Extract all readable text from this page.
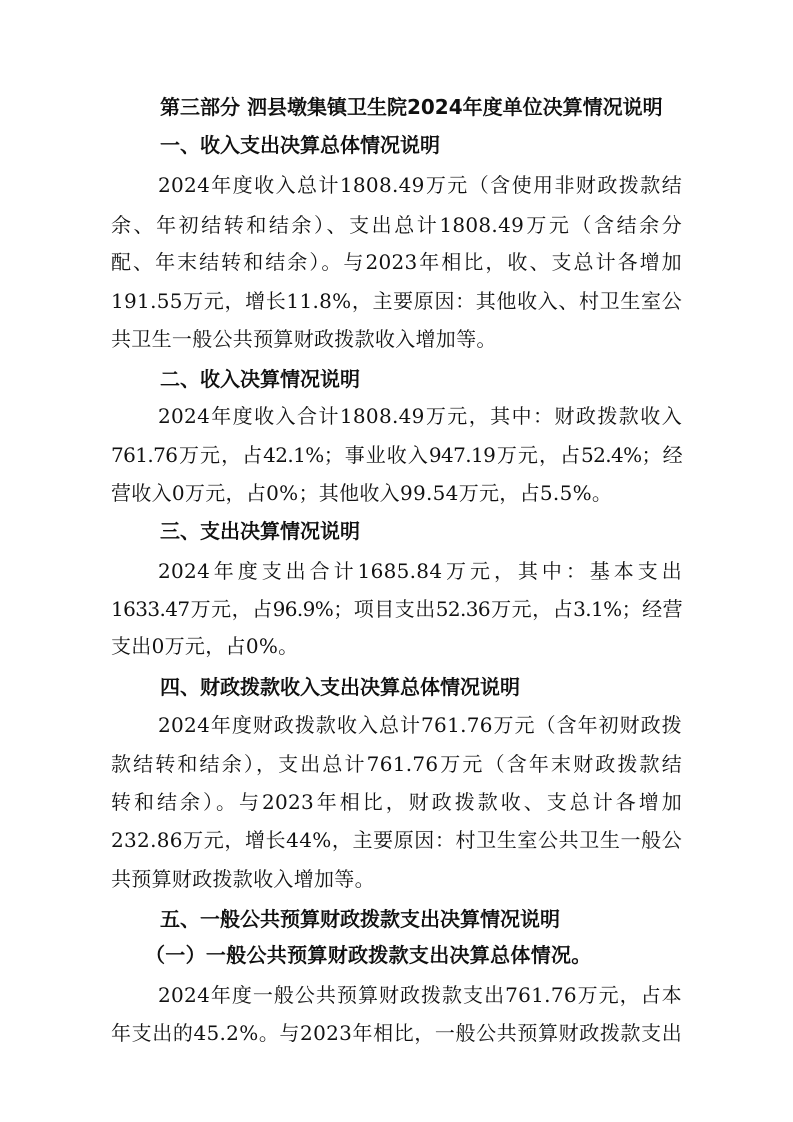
第三部分 泗县墩集镇卫生院2024年度单位决算情况说明
一、收入支出决算总体情况说明
2024年度收入总计1808.49万元（含使用非财政拨款结
余、年初结转和结余）、支出总计1808.49万元（含结余分
配、年末结转和结余）。与2023年相比，收、支总计各增加
191.55万元，增长11.8%，主要原因：其他收入、村卫生室公
共卫生一般公共预算财政拨款收入增加等。
二、收入决算情况说明
2024年度收入合计1808.49万元，其中：财政拨款收入
761.76万元，占42.1%；事业收入947.19万元，占52.4%；经
营收入0万元，占0%；其他收入99.54万元，占5.5%。
三、支出决算情况说明
2024年度支出合计1685.84万元，其中：基本支出
1633.47万元，占96.9%；项目支出52.36万元，占3.1%；经营
支出0万元，占0%。
四、财政拨款收入支出决算总体情况说明
2024年度财政拨款收入总计761.76万元（含年初财政拨
款结转和结余），支出总计761.76万元（含年末财政拨款结
转和结余）。与2023年相比，财政拨款收、支总计各增加
232.86万元，增长44%，主要原因：村卫生室公共卫生一般公
共预算财政拨款收入增加等。
五、一般公共预算财政拨款支出决算情况说明
（一）一般公共预算财政拨款支出决算总体情况。
2024年度一般公共预算财政拨款支出761.76万元，占本
年支出的45.2%。与2023年相比，一般公共预算财政拨款支出
